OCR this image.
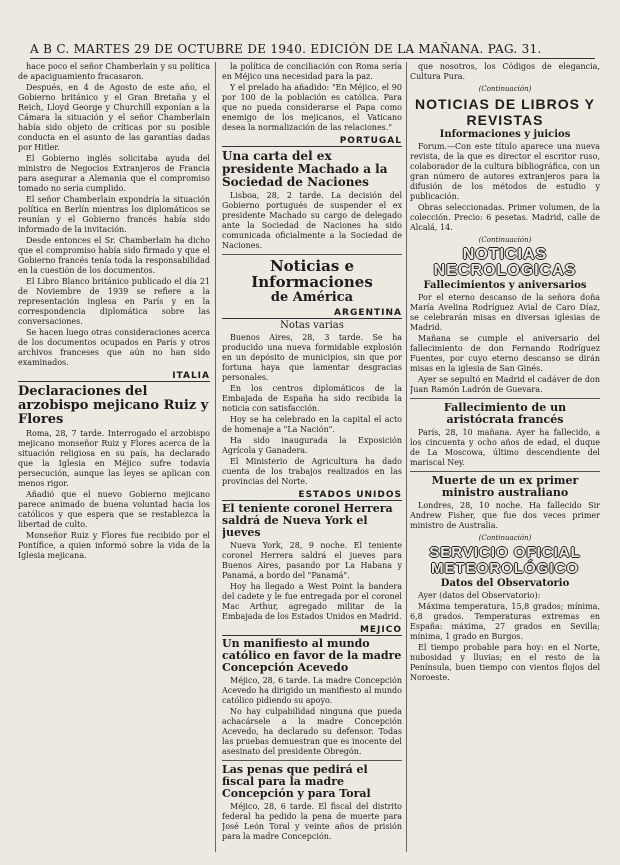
A B C. MARTES 29 DE OCTUBRE DE 1940. EDICIÓN DE LA MAÑANA. PAG. 31.

hace poco el señor Chamberlain y su política de apaciguamiento fracasaron.

Después, en 4 de Agosto de este año, el Gobierno británico y el Gran Bretaña y el Reich, Lloyd George y Churchill exponían a la Cámara la situación y el señor Chamberlain había sido objeto de críticas por su posible conducta en el asunto de las garantías dadas por Hitler.

El Gobierno inglés solicitaba ayuda del ministro de Negocios Extranjeros de Francia para asegurar a Alemania que el compromiso tomado no sería cumplido.

El señor Chamberlain expondría la situación política en Berlín mientras los diplomáticos se reunían y el Gobierno francés había sido informado de la invitación.

Desde entonces el Sr. Chamberlain ha dicho que el compromiso había sido firmado y que el Gobierno francés tenía toda la responsabilidad en la cuestión de los documentos.

El Libro Blanco británico publicado el día 21 de Noviembre de 1939 se refiere a la representación inglesa en París y en la correspondencia diplomática sobre las conversaciones.

Se hacen luego otras consideraciones acerca de los documentos ocupados en París y otros archivos franceses que aún no han sido examinados.

ITALIA
Declaraciones del arzobispo mejicano Ruiz y Flores

Roma, 28, 7 tarde. Interrogado el arzobispo mejicano monseñor Ruiz y Flores acerca de la situación religiosa en su país, ha declarado que la Iglesia en Méjico sufre todavía persecución, aunque las leyes se aplican con menos rigor.

Añadió que el nuevo Gobierno mejicano parece animado de buena voluntad hacia los católicos y que espera que se restablezca la libertad de culto.

Monseñor Ruiz y Flores fue recibido por el Pontífice, a quien informó sobre la vida de la Iglesia mejicana.

la política de conciliación con Roma sería en Méjico una necesidad para la paz.

Y el prelado ha añadido: "En Méjico, el 90 por 100 de la población es católica. Para que no pueda considerarse el Papa como enemigo de los mejicanos, el Vaticano desea la normalización de las relaciones."

PORTUGAL
Una carta del ex presidente Machado a la Sociedad de Naciones

Lisboa, 28, 2 tarde. La decisión del Gobierno portugués de suspender el ex presidente Machado su cargo de delegado ante la Sociedad de Naciones ha sido comunicada oficialmente a la Sociedad de Naciones.

Noticias e Informaciones
de América
ARGENTINA
Notas varias

Buenos Aires, 28, 3 tarde. Se ha producido una nueva formidable explosión en un depósito de municipios, sin que por fortuna haya que lamentar desgracias personales.

En los centros diplomáticos de la Embajada de España ha sido recibida la noticia con satisfacción.

Hoy se ha celebrado en la capital el acto de homenaje a "La Nación".

Ha sido inaugurada la Exposición Agrícola y Ganadera.

El Ministerio de Agricultura ha dado cuenta de los trabajos realizados en las provincias del Norte.

ESTADOS UNIDOS
El teniente coronel Herrera saldrá de Nueva York el jueves

Nueva York, 28, 9 noche. El teniente coronel Herrera saldrá el jueves para Buenos Aires, pasando por La Habana y Panamá, a bordo del "Panamá".

Hoy ha llegado a West Point la bandera del cadete y le fue entregada por el coronel Mac Arthur, agregado militar de la Embajada de los Estados Unidos en Madrid.

MEJICO
Un manifiesto al mundo católico en favor de la madre Concepción Acevedo

Méjico, 28, 6 tarde. La madre Concepción Acevedo ha dirigido un manifiesto al mundo católico pidiendo su apoyo.

No hay culpabilidad ninguna que pueda achacársele a la madre Concepción Acevedo, ha declarado su defensor. Todas las pruebas demuestran que es inocente del asesinato del presidente Obregón.

Las penas que pedirá el fiscal para la madre Concepción y para Toral

Méjico, 28, 6 tarde. El fiscal del distrito federal ha pedido la pena de muerte para José León Toral y veinte años de prisión para la madre Concepción.

que nosotros, los Códigos de elegancia, Cultura Pura.

(Continuación)
NOTICIAS DE LIBROS Y REVISTAS
Informaciones y juicios

Forum.—Con este título aparece una nueva revista, de la que es director el escritor ruso, colaborador de la cultura bibliográfica, con un gran número de autores extranjeros para la difusión de los métodos de estudio y publicación.

Obras seleccionadas. Primer volumen, de la colección. Precio: 6 pesetas. Madrid, calle de Alcalá, 14.

(Continuación)
NOTICIAS NECROLOGICAS
Fallecimientos y aniversarios

Por el eterno descanso de la señora doña María Avelina Rodríguez Avial de Caro Díaz, se celebrarán misas en diversas iglesias de Madrid.

Mañana se cumple el aniversario del fallecimiento de don Fernando Rodríguez Fuentes, por cuyo eterno descanso se dirán misas en la iglesia de San Ginés.

Ayer se sepultó en Madrid el cadáver de don Juan Ramón Ladrón de Guevara.

Fallecimiento de un aristócrata francés

París, 28, 10 mañana. Ayer ha fallecido, a los cincuenta y ocho años de edad, el duque de La Moscowa, último descendiente del mariscal Ney.

Muerte de un ex primer ministro australiano

Londres, 28, 10 noche. Ha fallecido Sir Andrew Fisher, que fue dos veces primer ministro de Australia.

(Continuación)
SERVICIO OFICIAL METEOROLÓGICO
Datos del Observatorio

Ayer (datos del Observatorio):

Máxima temperatura, 15,8 grados; mínima, 6,8 grados. Temperaturas extremas en España: máxima, 27 grados en Sevilla; mínima, 1 grado en Burgos.

El tiempo probable para hoy: en el Norte, nubosidad y lluvias; en el resto de la Península, buen tiempo con vientos flojos del Noroeste.
